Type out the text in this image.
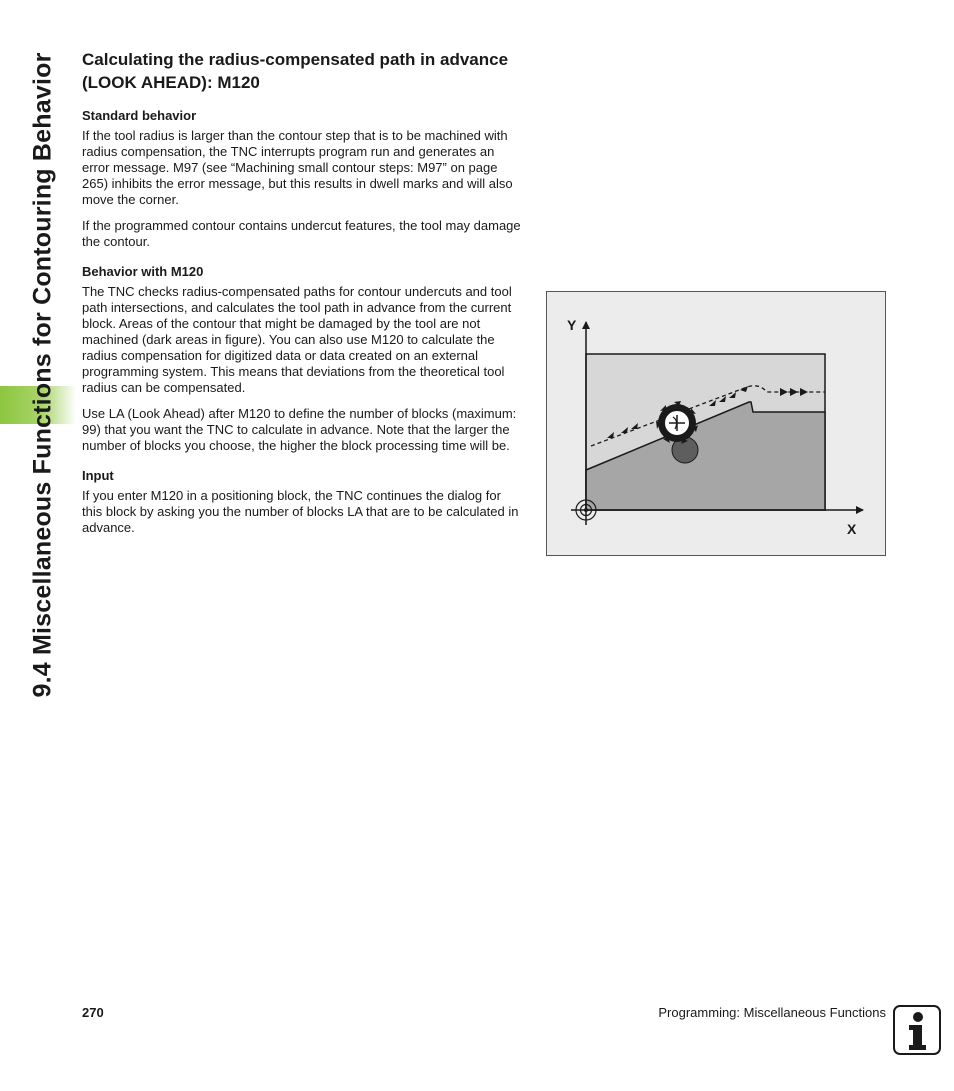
9.4 Miscellaneous Functions for Contouring Behavior Calculating the radius-compensated path in advance (LOOK AHEAD): M120
Standard behavior

If the tool radius is larger than the contour step that is to be machined with radius compensation, the TNC interrupts program run and generates an error message. M97 (see “Machining small contour steps: M97” on page 265) inhibits the error message, but this results in dwell marks and will also move the corner.

If the programmed contour contains undercut features, the tool may damage the contour.

Behavior with M120

The TNC checks radius-compensated paths for contour undercuts and tool path intersections, and calculates the tool path in advance from the current block. Areas of the contour that might be damaged by the tool are not machined (dark areas in figure). You can also use M120 to calculate the radius compensation for digitized data or data created on an external programming system. This means that deviations from the theoretical tool radius can be compensated.

Use LA (Look Ahead) after M120 to define the number of blocks (maximum: 99) that you want the TNC to calculate in advance. Note that the larger the number of blocks you choose, the higher the block processing time will be.

Input

If you enter M120 in a positioning block, the TNC continues the dialog for this block by asking you the number of blocks LA that are to be calculated in advance.

Y
X
270	Programming: Miscellaneous Functions
